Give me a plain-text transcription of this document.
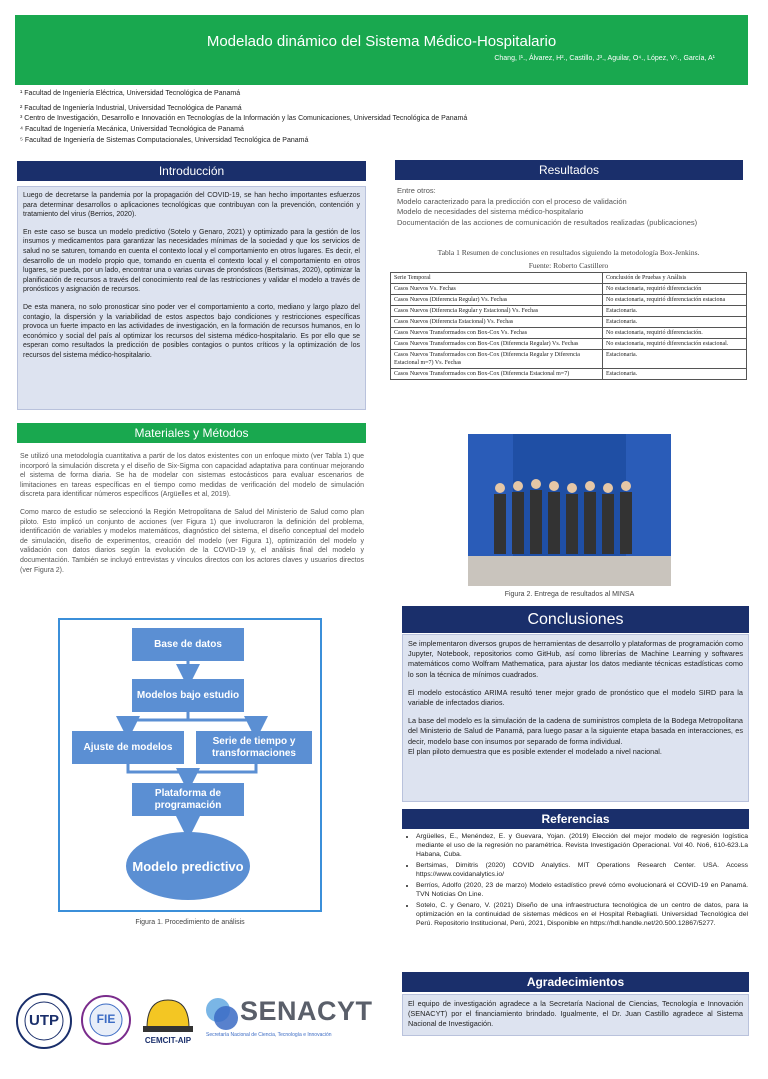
Modelado dinámico del Sistema Médico-Hospitalario
Chang, I¹., Álvarez, H²., Castillo, J³., Aguilar, O⁴., López, V⁵., García, A¹
¹ Facultad de Ingeniería Eléctrica, Universidad Tecnológica de Panamá
² Facultad de Ingeniería Industrial, Universidad Tecnológica de Panamá
³ Centro de Investigación, Desarrollo e Innovación en Tecnologías de la Información y las Comunicaciones, Universidad Tecnológica de Panamá
⁴ Facultad de Ingeniería Mecánica, Universidad Tecnológica de Panamá
⁵ Facultad de Ingeniería de Sistemas Computacionales, Universidad Tecnológica de Panamá
Introducción

Luego de decretarse la pandemia por la propagación del COVID-19, se han hecho importantes esfuerzos para determinar desarrollos o aplicaciones tecnológicas que contribuyan con la prevención, contención y tratamiento del virus (Berrios, 2020).

En este caso se busca un modelo predictivo (Sotelo y Genaro, 2021) y optimizado para la gestión de los insumos y medicamentos para garantizar las necesidades mínimas de la sociedad y que los servicios de salud no se saturen, tomando en cuenta el contexto local y el comportamiento en otros lugares. Es decir, el desarrollo de un modelo propio que, tomando en cuenta el contexto local y el comportamiento en otros lugares, se pueda, por un lado, encontrar una o varias curvas de pronósticos (Bertsimas, 2020), optimizar la planificación de recursos a través del conocimiento real de las restricciones y validar el modelo a través de pronósticos y asignación de recursos.

De esta manera, no solo pronosticar sino poder ver el comportamiento a corto, mediano y largo plazo del contagio, la dispersión y la variabilidad de estos aspectos bajo condiciones y restricciones específicas provoca un fuerte impacto en las actividades de investigación, en la formación de recursos humanos, en lo económico y social del país al optimizar los recursos del sistema médico-hospitalario. Es por ello que se esperan como resultados la predicción de posibles contagios o puntos críticos y la optimización de los recursos del sistema médico-hospitalario.

Materiales y Métodos

Se utilizó una metodología cuantitativa a partir de los datos existentes con un enfoque mixto (ver Tabla 1) que incorporó la simulación discreta y el diseño de Six-Sigma con capacidad adaptativa para continuar mejorando el sistema de forma diaria. Se ha de modelar con sistemas estocásticos para evaluar escenarios de limitaciones en tareas específicas en el tiempo como medidas de verificación del modelo de simulación discreta para identificar números específicos (Argüelles et al, 2019).

Como marco de estudio se seleccionó la Región Metropolitana de Salud del Ministerio de Salud como plan piloto. Esto implicó un conjunto de acciones (ver Figura 1) que involucraron la definición del problema, identificación de variables y modelos matemáticos, diagnóstico del sistema, el diseño conceptual del modelo de simulación, diseño de experimentos, creación del modelo (ver Figura 1), optimización del modelo y validación con datos diarios según la evolución de la COVID-19 y, el análisis final del modelo y documentación. También se incluyó entrevistas y vínculos directos con los actores claves y usuarios directos (ver Figura 2).

Base de datos
Modelos bajo estudio
Ajuste de modelos
Serie de tiempo y transformaciones
Plataforma de programación
Modelo predictivo
Figura 1. Procedimiento de análisis
UTP	FIE
CEMCIT-AIP
SENACYT
Secretaría Nacional de Ciencia, Tecnología e Innovación
Resultados
Entre otros:
Modelo caracterizado para la predicción con el proceso de validación
Modelo de necesidades del sistema médico-hospitalario
Documentación de las acciones de comunicación de resultados realizadas (publicaciones)
Tabla 1 Resumen de conclusiones en resultados siguiendo la metodología Box-Jenkins.
Fuente: Roberto Castillero
Serie Temporal	Conclusión de Pruebas y Análisis
Casos Nuevos Vs. Fechas	No estacionaria, requirió diferenciación
Casos Nuevos (Diferencia Regular) Vs. Fechas	No estacionaria, requirió diferenciación estaciona
Casos Nuevos (Diferencia Regular y Estacional) Vs. Fechas	Estacionaria.
Casos Nuevos (Diferencia Estacional) Vs. Fechas	Estacionaria.
Casos Nuevos Transformados con Box-Cox Vs. Fechas	No estacionaria, requirió diferenciación.
Casos Nuevos Transformados con Box-Cox (Diferencia Regular) Vs. Fechas	No estacionaria, requirió diferenciación estacional.
Casos Nuevos Transformados con Box-Cox (Diferencia Regular y Diferencia Estacional m=7) Vs. Fechas	Estacionaria.
Casos Nuevos Transformados con Box-Cox (Diferencia Estacional m=7)	Estacionaria.
Figura 2. Entrega de resultados al MINSA
Conclusiones

Se implementaron diversos grupos de herramientas de desarrollo y plataformas de programación como Jupyter, Notebook, repositorios como GitHub, así como librerías de Machine Learning y softwares matemáticos como Wolfram Mathematica, para ajustar los datos mediante técnicas estadísticas como lo son la técnica de mínimos cuadrados.

El modelo estocástico ARIMA resultó tener mejor grado de pronóstico que el modelo SIRD para la variable de infectados diarios.

La base del modelo es la simulación de la cadena de suministros completa de la Bodega Metropolitana del Ministerio de Salud de Panamá, para luego pasar a la siguiente etapa basada en interacciones, es decir, modelo base con insumos por separado de forma individual.

El plan piloto demuestra que es posible extender el modelado a nivel nacional.

Referencias
• Argüelles, E., Menéndez, E. y Guevara, Yojan. (2019) Elección del mejor modelo de regresión logística mediante el uso de la regresión no paramétrica. Revista Investigación Operacional. Vol 40. No6, 610-623.La Habana, Cuba.
• Bertsimas, Dimitris (2020) COVID Analytics. MIT Operations Research Center. USA. Access https://www.covidanalytics.io/
• Berríos, Adolfo (2020, 23 de marzo) Modelo estadístico prevé cómo evolucionará el COVID-19 en Panamá. TVN Noticias On Line.
• Sotelo, C. y Genaro, V. (2021) Diseño de una infraestructura tecnológica de un centro de datos, para la optimización en la continuidad de sistemas médicos en el Hospital Rebagliati. Universidad Tecnológica del Perú. Repositorio Institucional, Perú, 2021, Disponible en https://hdl.handle.net/20.500.12867/5277.
Agradecimientos
El equipo de investigación agradece a la Secretaría Nacional de Ciencias, Tecnología e Innovación (SENACYT) por el financiamiento brindado. Igualmente, el Dr. Juan Castillo agradece al Sistema Nacional de Investigación.
